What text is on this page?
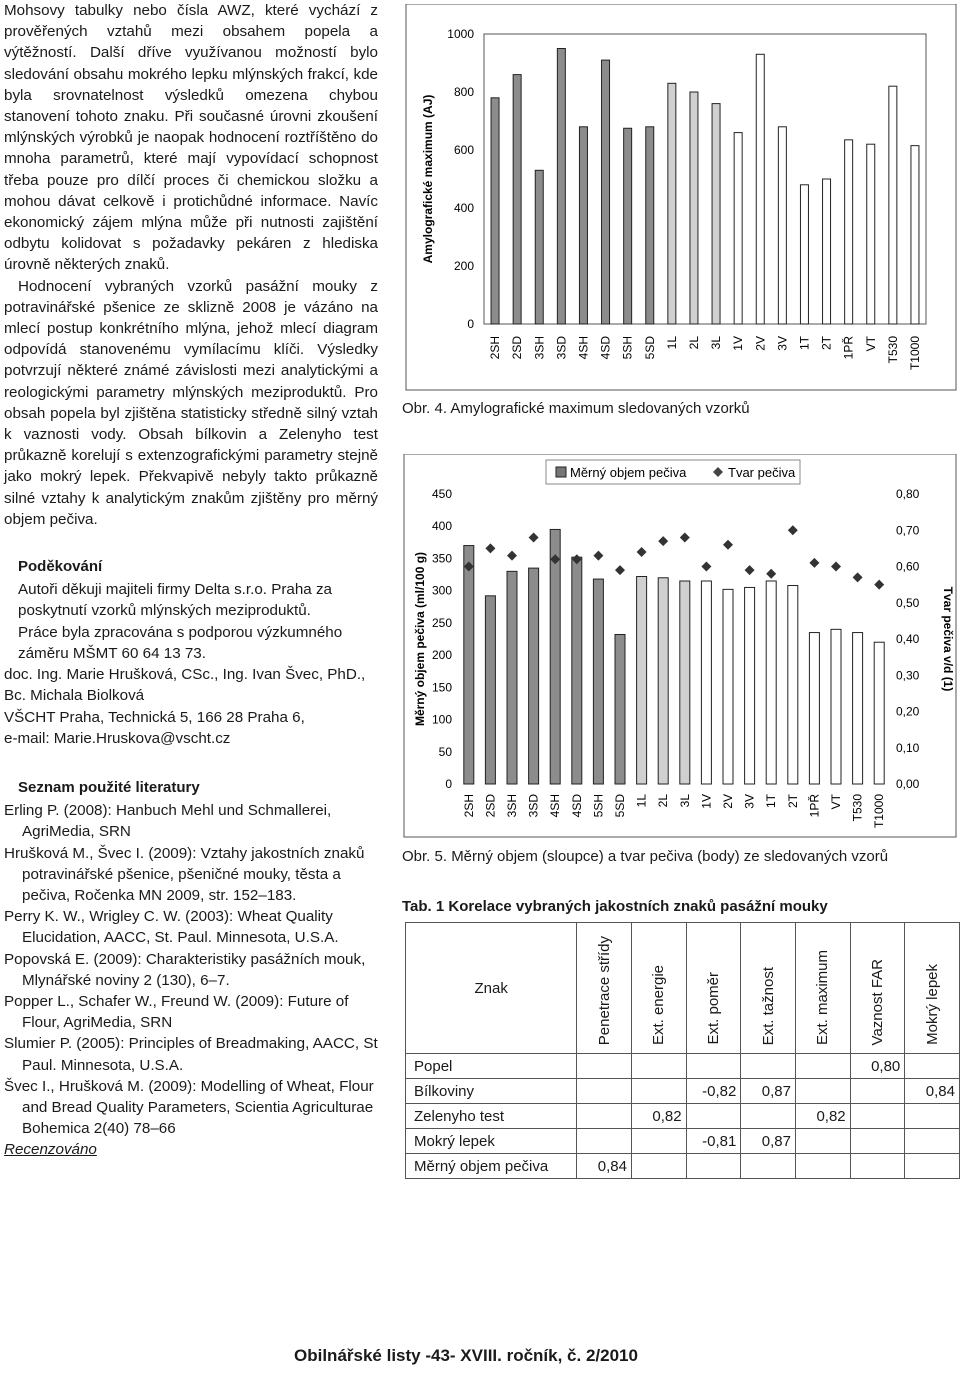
Mohsovy tabulky nebo čísla AWZ, které vychází z prověřených vztahů mezi obsahem popela a výtěžností. Další dříve využívanou možností bylo sledování obsahu mokrého lepku mlýnských frakcí, kde byla srovnatelnost výsledků omezena chybou stanovení tohoto znaku. Při současné úrovni zkoušení mlýnských výrobků je naopak hodnocení roztříštěno do mnoha parametrů, které mají vypovídací schopnost třeba pouze pro dílčí proces či chemickou složku a mohou dávat celkově i protichůdné informace. Navíc ekonomický zájem mlýna může při nutnosti zajištění odbytu kolidovat s požadavky pekáren z hlediska úrovně některých znaků.

Hodnocení vybraných vzorků pasážní mouky z potravinářské pšenice ze sklizně 2008 je vázáno na mlecí postup konkrétního mlýna, jehož mlecí diagram odpovídá stanovenému vymílacímu klíči. Výsledky potvrzují některé známé závislosti mezi analytickými a reologickými parametry mlýnských meziproduktů. Pro obsah popela byl zjištěna statisticky středně silný vztah k vaznosti vody. Obsah bílkovin a Zelenyho test průkazně korelují s extenzografickými parametry stejně jako mokrý lepek. Překvapivě nebyly takto průkazně silné vztahy k analytickým znakům zjištěny pro měrný objem pečiva.

Poděkování
Autoři děkuji majiteli firmy Delta s.r.o. Praha za poskytnutí vzorků mlýnských meziproduktů.
Práce byla zpracována s podporou výzkumného záměru MŠMT 60 64 13 73.
doc. Ing. Marie Hrušková, CSc., Ing. Ivan Švec, PhD., Bc. Michala Biolková
VŠCHT Praha, Technická 5, 166 28 Praha 6,
e-mail: Marie.Hruskova@vscht.cz
Seznam použité literatury
Erling P. (2008): Hanbuch Mehl und Schmallerei, AgriMedia, SRN
Hrušková M., Švec I. (2009): Vztahy jakostních znaků potravinářské pšenice, pšeničné mouky, těsta a pečiva, Ročenka MN 2009, str. 152–183.
Perry K. W., Wrigley C. W. (2003): Wheat Quality Elucidation, AACC, St. Paul. Minnesota, U.S.A.
Popovská E. (2009): Charakteristiky pasážních mouk, Mlynářské noviny 2 (130), 6–7.
Popper L., Schafer W., Freund W. (2009): Future of Flour, AgriMedia, SRN
Slumier P. (2005): Principles of Breadmaking, AACC, St Paul. Minnesota, U.S.A.
Švec I., Hrušková M. (2009): Modelling of Wheat, Flour and Bread Quality Parameters, Scientia Agriculturae Bohemica 2(40) 78–66
Recenzováno
0
200
400
600
800
1000
Amylografické maximum (AJ)
2SH 2SD 3SH 3SD 4SH 4SD 5SH 5SD 1L 2L 3L 1V 2V 3V 1T 2T 1PŘ VT T530 T1000
Obr. 4. Amylografické maximum sledovaných vzorků
Měrný objem pečiva	Tvar pečiva
0
50
100
150
200
250
300
350
400
450
0,00
0,10
0,20
0,30
0,40
0,50
0,60
0,70
0,80
Měrný objem pečiva (ml/100 g)	Tvar pečiva v/d (1)
2SH 2SD 3SH 3SD 4SH 4SD 5SH 5SD 1L 2L 3L 1V 2V 3V 1T 2T 1PŘ VT T530 T1000
Obr. 5. Měrný objem (sloupce) a tvar pečiva (body) ze sledovaných vzorů
Tab. 1 Korelace vybraných jakostních znaků pasážní mouky
Znak	Penetrace střídy	Ext. energie	Ext. poměr	Ext. tažnost	Ext. maximum	Vaznost FAR	Mokrý lepek
Popel						0,80	
Bílkoviny			-0,82	0,87			0,84
Zelenyho test		0,82			0,82		
Mokrý lepek			-0,81	0,87			
Měrný objem pečiva	0,84						
Obilnářské listy -43- XVIII. ročník, č. 2/2010
